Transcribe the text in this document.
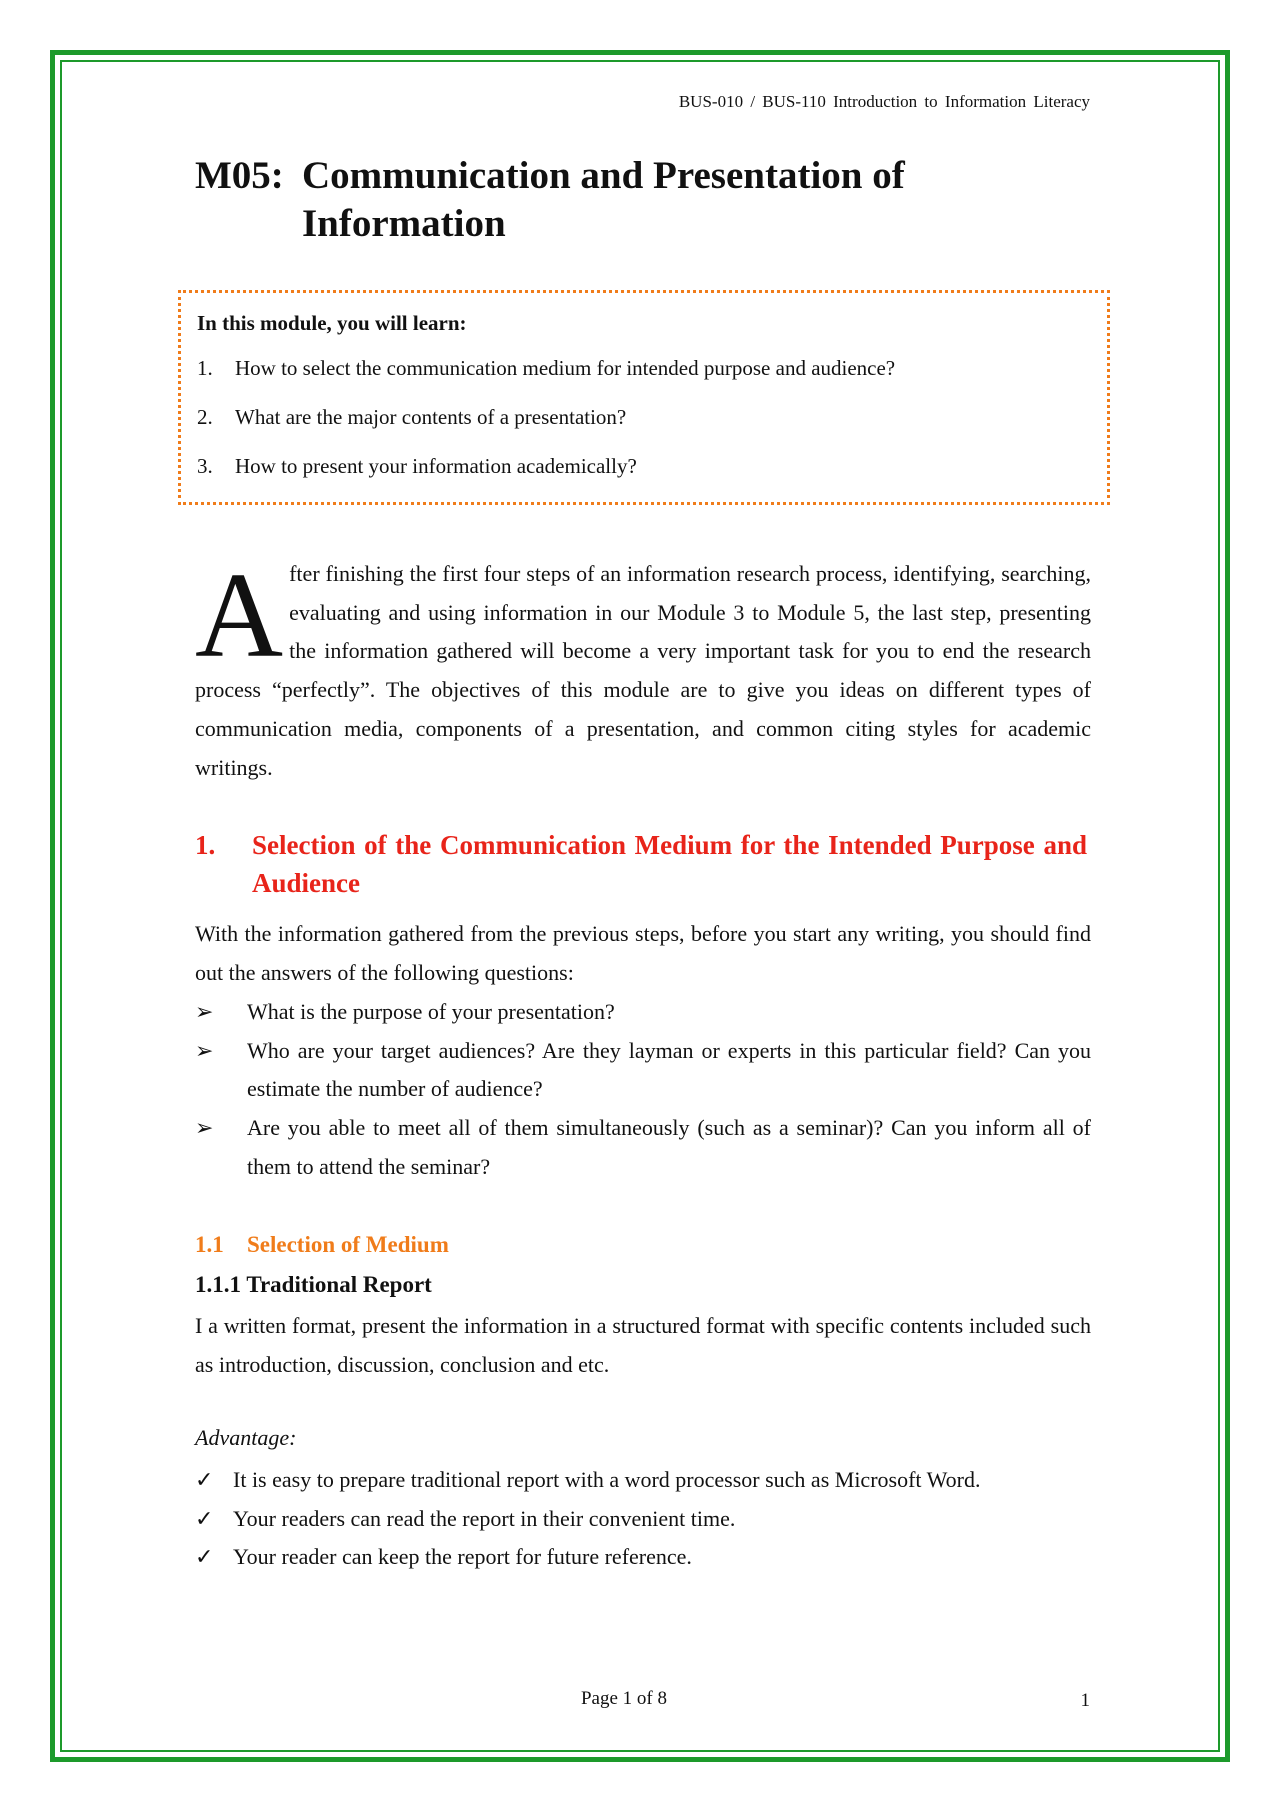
BUS-010 / BUS-110 Introduction to Information Literacy
M05: Communication and Presentation of Information
In this module, you will learn:
1. How to select the communication medium for intended purpose and audience?
2. What are the major contents of a presentation?
3. How to present your information academically?

After finishing the first four steps of an information research process, identifying, searching, evaluating and using information in our Module 3 to Module 5, the last step, presenting the information gathered will become a very important task for you to end the research process “perfectly”. The objectives of this module are to give you ideas on different types of communication media, components of a presentation, and common citing styles for academic writings.

1. Selection of the Communication Medium for the Intended Purpose and Audience

With the information gathered from the previous steps, before you start any writing, you should find out the answers of the following questions:

➢	What is the purpose of your presentation?
➢	Who are your target audiences? Are they layman or experts in this particular field? Can you estimate the number of audience?
➢	Are you able to meet all of them simultaneously (such as a seminar)? Can you inform all of them to attend the seminar?
1.1 Selection of Medium
1.1.1 Traditional Report

I a written format, present the information in a structured format with specific contents included such as introduction, discussion, conclusion and etc.

Advantage:
✓ It is easy to prepare traditional report with a word processor such as Microsoft Word.
✓ Your readers can read the report in their convenient time.
✓ Your reader can keep the report for future reference.
Page 1 of 8	1
